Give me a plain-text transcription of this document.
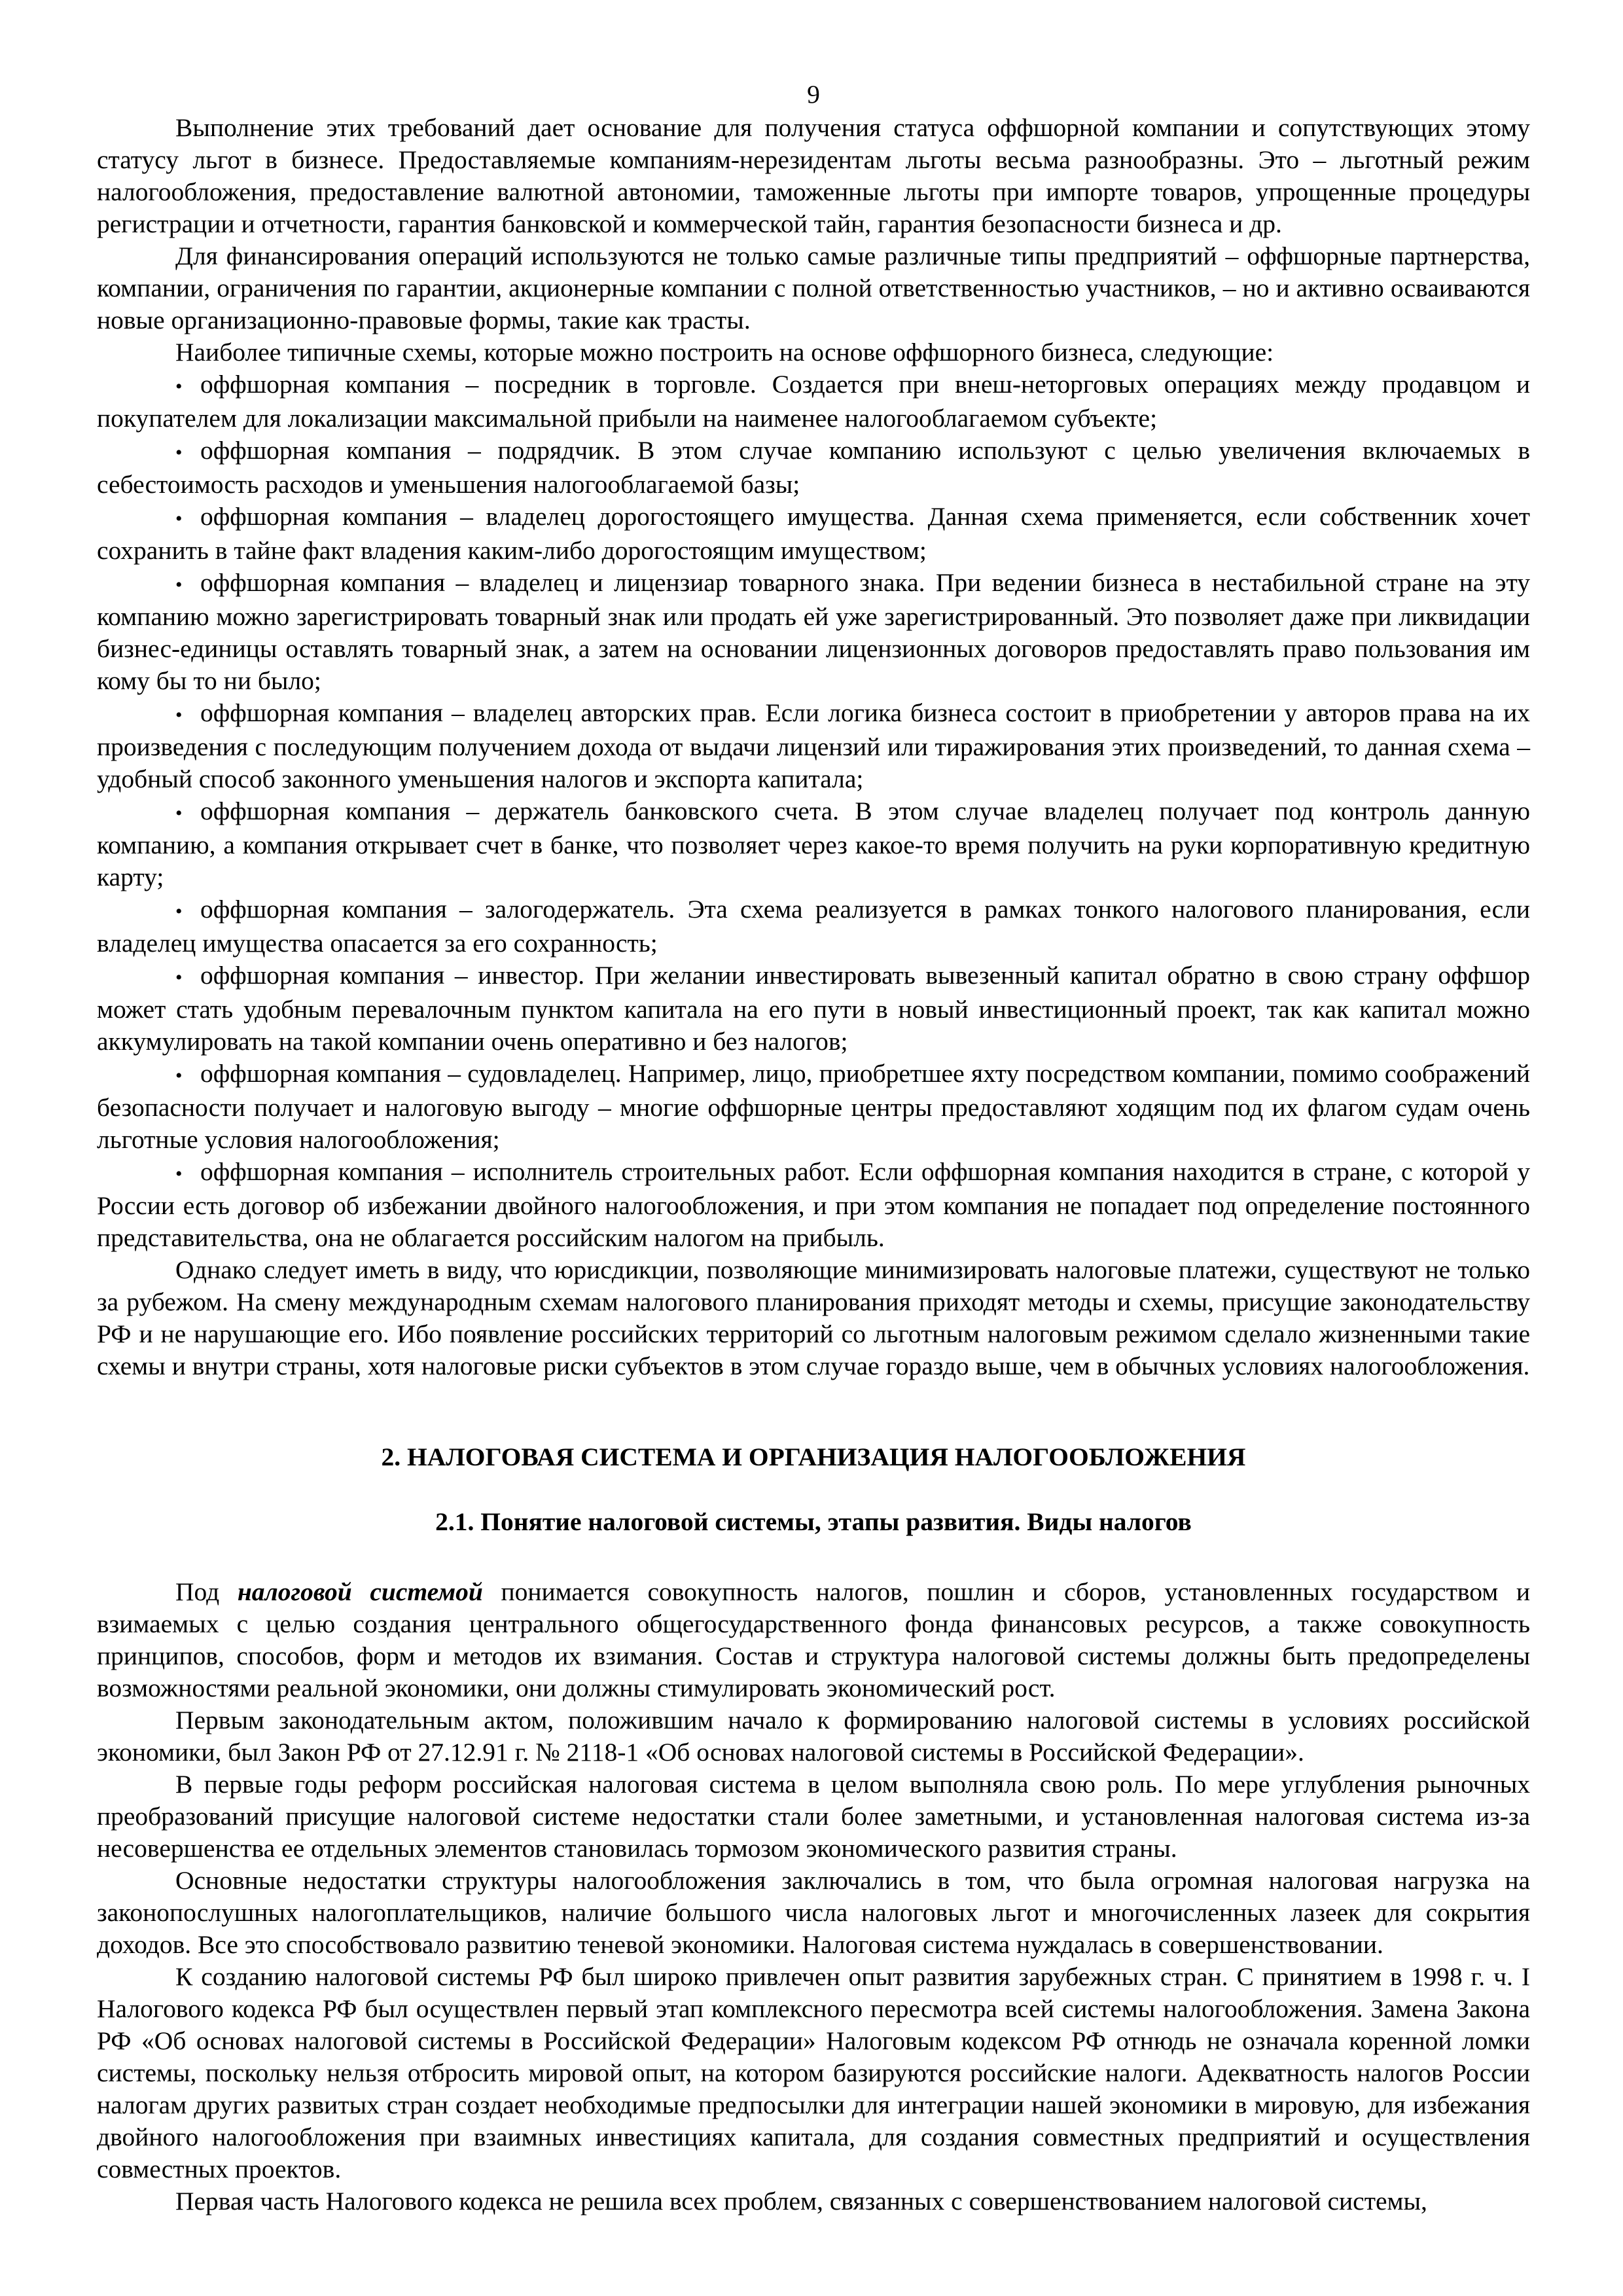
9

Выполнение этих требований дает основание для получения статуса оффшорной компании и сопутствующих этому статусу льгот в бизнесе. Предоставляемые компаниям-нерезидентам льготы весьма разнообразны. Это – льготный режим налогообложения, предоставление валютной автономии, таможенные льготы при импорте товаров, упрощенные процедуры регистрации и отчетности, гарантия банковской и коммерческой тайн, гарантия безопасности бизнеса и др.

Для финансирования операций используются не только самые различные типы предприятий – оффшорные партнерства, компании, ограничения по гарантии, акционерные компании с полной ответственностью участников, – но и активно осваиваются новые организационно-правовые формы, такие как трасты.

Наиболее типичные схемы, которые можно построить на основе оффшорного бизнеса, следующие:

• оффшорная компания – посредник в торговле. Создается при внеш-неторговых операциях между продавцом и покупателем для локализации максимальной прибыли на наименее налогооблагаемом субъекте;

• оффшорная компания – подрядчик. В этом случае компанию используют с целью увеличения включаемых в себестоимость расходов и уменьшения налогооблагаемой базы;

• оффшорная компания – владелец дорогостоящего имущества. Данная схема применяется, если собственник хочет сохранить в тайне факт владения каким-либо дорогостоящим имуществом;

• оффшорная компания – владелец и лицензиар товарного знака. При ведении бизнеса в нестабильной стране на эту компанию можно зарегистрировать товарный знак или продать ей уже зарегистрированный. Это позволяет даже при ликвидации бизнес-единицы оставлять товарный знак, а затем на основании лицензионных договоров предоставлять право пользования им кому бы то ни было;

• оффшорная компания – владелец авторских прав. Если логика бизнеса состоит в приобретении у авторов права на их произведения с последующим получением дохода от выдачи лицензий или тиражирования этих произведений, то данная схема – удобный способ законного уменьшения налогов и экспорта капитала;

• оффшорная компания – держатель банковского счета. В этом случае владелец получает под контроль данную компанию, а компания открывает счет в банке, что позволяет через какое-то время получить на руки корпоративную кредитную карту;

• оффшорная компания – залогодержатель. Эта схема реализуется в рамках тонкого налогового планирования, если владелец имущества опасается за его сохранность;

• оффшорная компания – инвестор. При желании инвестировать вывезенный капитал обратно в свою страну оффшор может стать удобным перевалочным пунктом капитала на его пути в новый инвестиционный проект, так как капитал можно аккумулировать на такой компании очень оперативно и без налогов;

• оффшорная компания – судовладелец. Например, лицо, приобретшее яхту посредством компании, помимо соображений безопасности получает и налоговую выгоду – многие оффшорные центры предоставляют ходящим под их флагом судам очень льготные условия налогообложения;

• оффшорная компания – исполнитель строительных работ. Если оффшорная компания находится в стране, с которой у России есть договор об избежании двойного налогообложения, и при этом компания не попадает под определение постоянного представительства, она не облагается российским налогом на прибыль.

Однако следует иметь в виду, что юрисдикции, позволяющие минимизировать налоговые платежи, существуют не только за рубежом. На смену международным схемам налогового планирования приходят методы и схемы, присущие законодательству РФ и не нарушающие его. Ибо появление российских территорий со льготным налоговым режимом сделало жизненными такие схемы и внутри страны, хотя налоговые риски субъектов в этом случае гораздо выше, чем в обычных условиях налогообложения.

2. НАЛОГОВАЯ СИСТЕМА И ОРГАНИЗАЦИЯ НАЛОГООБЛОЖЕНИЯ
2.1. Понятие налоговой системы, этапы развития. Виды налогов

Под налоговой системой понимается совокупность налогов, пошлин и сборов, установленных государством и взимаемых с целью создания центрального общегосударственного фонда финансовых ресурсов, а также совокупность принципов, способов, форм и методов их взимания. Состав и структура налоговой системы должны быть предопределены возможностями реальной экономики, они должны стимулировать экономический рост.

Первым законодательным актом, положившим начало к формированию налоговой системы в условиях российской экономики, был Закон РФ от 27.12.91 г. № 2118-1 «Об основах налоговой системы в Российской Федерации».

В первые годы реформ российская налоговая система в целом выполняла свою роль. По мере углубления рыночных преобразований присущие налоговой системе недостатки стали более заметными, и установленная налоговая система из-за несовершенства ее отдельных элементов становилась тормозом экономического развития страны.

Основные недостатки структуры налогообложения заключались в том, что была огромная налоговая нагрузка на законопослушных налогоплательщиков, наличие большого числа налоговых льгот и многочисленных лазеек для сокрытия доходов. Все это способствовало развитию теневой экономики. Налоговая система нуждалась в совершенствовании.

К созданию налоговой системы РФ был широко привлечен опыт развития зарубежных стран. С принятием в 1998 г. ч. I Налогового кодекса РФ был осуществлен первый этап комплексного пересмотра всей системы налогообложения. Замена Закона РФ «Об основах налоговой системы в Российской Федерации» Налоговым кодексом РФ отнюдь не означала коренной ломки системы, поскольку нельзя отбросить мировой опыт, на котором базируются российские налоги. Адекватность налогов России налогам других развитых стран создает необходимые предпосылки для интеграции нашей экономики в мировую, для избежания двойного налогообложения при взаимных инвестициях капитала, для создания совместных предприятий и осуществления совместных проектов.

Первая часть Налогового кодекса не решила всех проблем, связанных с совершенствованием налоговой системы,
